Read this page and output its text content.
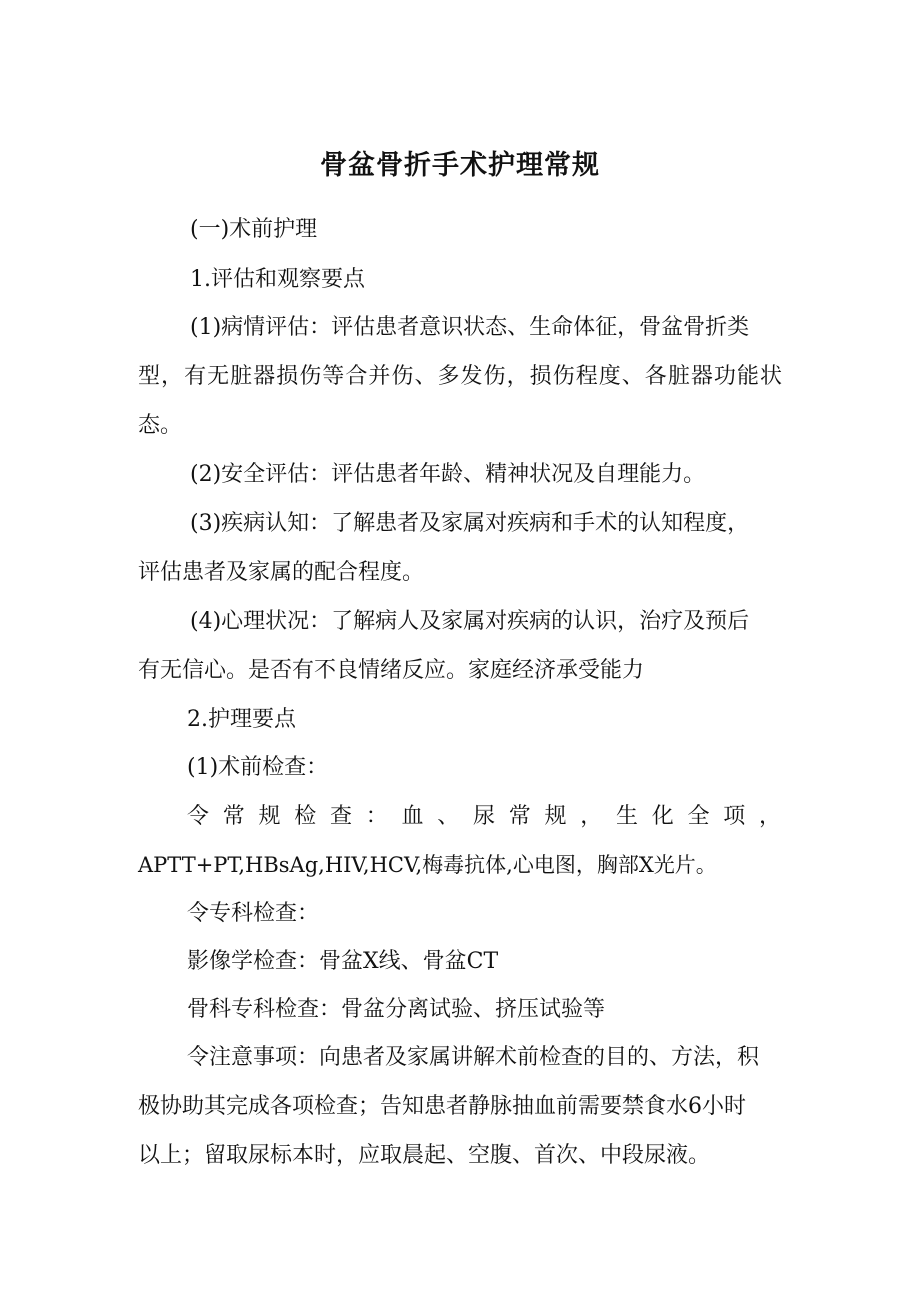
骨盆骨折手术护理常规
(一)术前护理
1.评估和观察要点
(1)病情评估：评估患者意识状态、生命体征，骨盆骨折类
型，有无脏器损伤等合并伤、多发伤，损伤程度、各脏器功能状
态。
(2)安全评估：评估患者年龄、精神状况及自理能力。
(3)疾病认知：了解患者及家属对疾病和手术的认知程度，
评估患者及家属的配合程度。
(4)心理状况：了解病人及家属对疾病的认识，治疗及预后
有无信心。是否有不良情绪反应。家庭经济承受能力
2.护理要点
(1)术前检查：
令常规检查：血、尿常规，生化全项，
APTT+PT,HBsAg,HIV,HCV,梅毒抗体,心电图，胸部X光片。
令专科检查：
影像学检查：骨盆X线、骨盆CT
骨科专科检查：骨盆分离试验、挤压试验等
令注意事项：向患者及家属讲解术前检查的目的、方法，积
极协助其完成各项检查；告知患者静脉抽血前需要禁食水6小时
以上；留取尿标本时，应取晨起、空腹、首次、中段尿液。
